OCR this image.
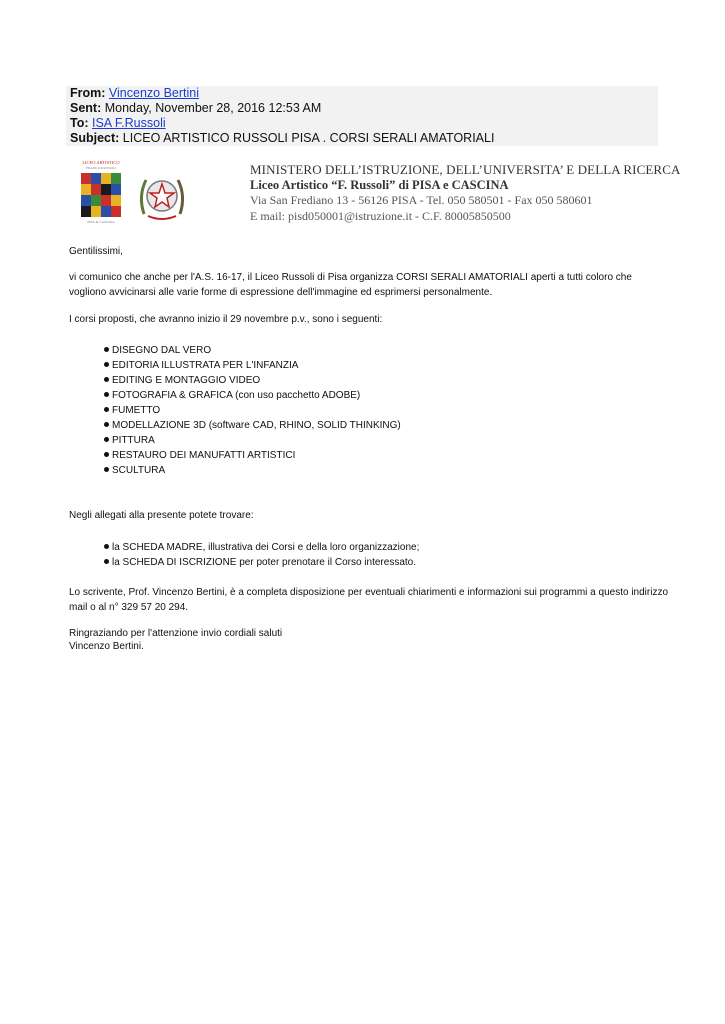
From: Vincenzo Bertini
Sent: Monday, November 28, 2016 12:53 AM
To: ISA F.Russoli
Subject: LICEO ARTISTICO RUSSOLI PISA . CORSI SERALI AMATORIALI
LICEO ARTISTICO
FRANCO RUSSOLI
PISA & CASCINA
MINISTERO DELL’ISTRUZIONE, DELL’UNIVERSITA’ E DELLA RICERCA
Liceo Artistico “F. Russoli” di PISA e CASCINA
Via San Frediano 13 - 56126 PISA - Tel. 050 580501 - Fax 050 580601
E mail: pisd050001@istruzione.it - C.F. 80005850500
Gentilissimi,
vi comunico che anche per l'A.S. 16-17, il Liceo Russoli di Pisa organizza CORSI SERALI AMATORIALI aperti a tutti coloro che vogliono avvicinarsi alle varie forme di espressione dell'immagine ed esprimersi personalmente.
I corsi proposti, che avranno inizio il 29 novembre p.v., sono i seguenti:
DISEGNO DAL VERO
EDITORIA ILLUSTRATA PER L'INFANZIA
EDITING E MONTAGGIO VIDEO
FOTOGRAFIA & GRAFICA (con uso pacchetto ADOBE)
FUMETTO
MODELLAZIONE 3D (software CAD, RHINO, SOLID THINKING)
PITTURA
RESTAURO DEI MANUFATTI ARTISTICI
SCULTURA
Negli allegati alla presente potete trovare:
la SCHEDA MADRE, illustrativa dei Corsi e della loro organizzazione;
la SCHEDA DI ISCRIZIONE per poter prenotare il Corso interessato.
Lo scrivente, Prof. Vincenzo Bertini, è a completa disposizione per eventuali chiarimenti e informazioni sui programmi a questo indirizzo mail o al n° 329 57 20 294.
Ringraziando per l'attenzione invio cordiali saluti
Vincenzo Bertini.
